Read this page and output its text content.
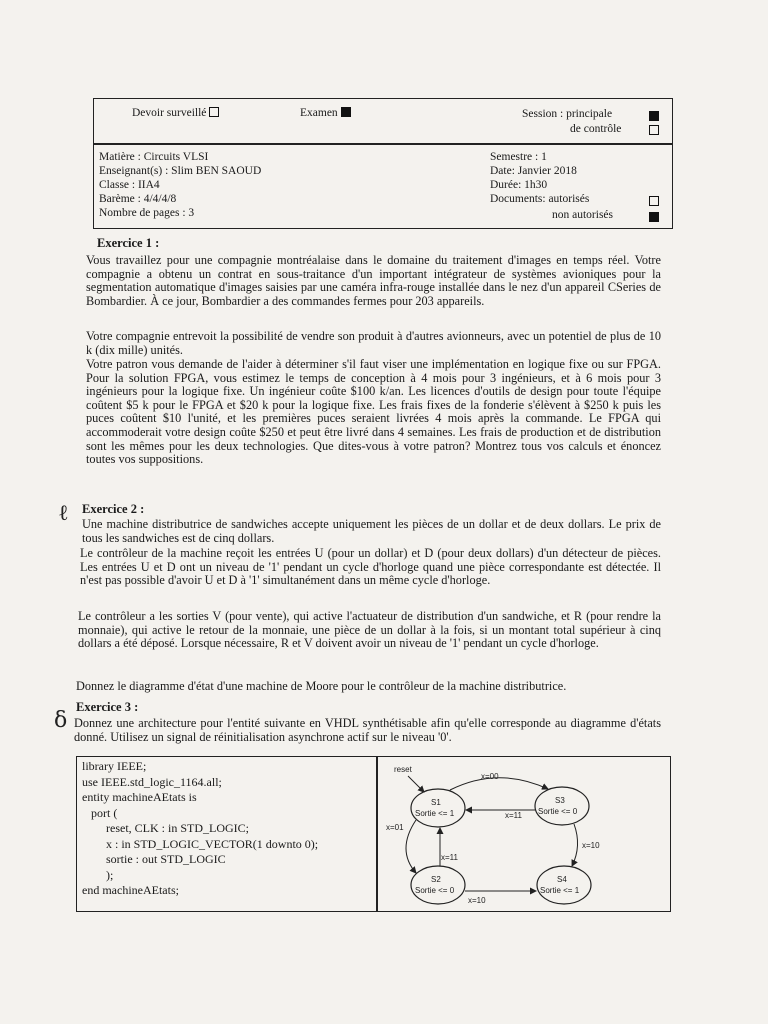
Devoir surveillé	Examen	Session : principale
de contrôle
Matière : Circuits VLSI
Enseignant(s) : Slim BEN SAOUD
Classe : IIA4
Barème : 4/4/4/8
Nombre de pages : 3
Semestre : 1
Date: Janvier 2018
Durée: 1h30
Documents: autorisés
non autorisés
Exercice 1 :
Vous travaillez pour une compagnie montréalaise dans le domaine du traitement d'images en temps réel. Votre compagnie a obtenu un contrat en sous-traitance d'un important intégrateur de systèmes avioniques pour la segmentation automatique d'images saisies par une caméra infra-rouge installée dans le nez d'un appareil CSeries de Bombardier. À ce jour, Bombardier a des commandes fermes pour 203 appareils.
Votre compagnie entrevoit la possibilité de vendre son produit à d'autres avionneurs, avec un potentiel de plus de 10 k (dix mille) unités.
Votre patron vous demande de l'aider à déterminer s'il faut viser une implémentation en logique fixe ou sur FPGA. Pour la solution FPGA, vous estimez le temps de conception à 4 mois pour 3 ingénieurs, et à 6 mois pour 3 ingénieurs pour la logique fixe. Un ingénieur coûte $100 k/an. Les licences d'outils de design pour toute l'équipe coûtent $5 k pour le FPGA et $20 k pour la logique fixe. Les frais fixes de la fonderie s'élèvent à $250 k puis les puces coûtent $10 l'unité, et les premières puces seraient livrées 4 mois après la commande. Le FPGA qui accommoderait votre design coûte $250 et peut être livré dans 4 semaines. Les frais de production et de distribution sont les mêmes pour les deux technologies. Que dites-vous à votre patron? Montrez tous vos calculs et énoncez toutes vos suppositions.
ℓ Exercice 2 :
Une machine distributrice de sandwiches accepte uniquement les pièces de un dollar et de deux dollars. Le prix de tous les sandwiches est de cinq dollars.
Le contrôleur de la machine reçoit les entrées U (pour un dollar) et D (pour deux dollars) d'un détecteur de pièces. Les entrées U et D ont un niveau de '1' pendant un cycle d'horloge quand une pièce correspondante est détectée. Il n'est pas possible d'avoir U et D à '1' simultanément dans un même cycle d'horloge.
Le contrôleur a les sorties V (pour vente), qui active l'actuateur de distribution d'un sandwiche, et R (pour rendre la monnaie), qui active le retour de la monnaie, une pièce de un dollar à la fois, si un montant total supérieur à cinq dollars a été déposé. Lorsque nécessaire, R et V doivent avoir un niveau de '1' pendant un cycle d'horloge.
Donnez le diagramme d'état d'une machine de Moore pour le contrôleur de la machine distributrice.
Exercice 3 :
δ Donnez une architecture pour l'entité suivante en VHDL synthétisable afin qu'elle corresponde au diagramme d'états donné. Utilisez un signal de réinitialisation asynchrone actif sur le niveau '0'.
library IEEE;
use IEEE.std_logic_1164.all;
entity machineAEtats is
port (
reset, CLK : in STD_LOGIC;
x : in STD_LOGIC_VECTOR(1 downto 0);
sortie : out STD_LOGIC
);
end machineAEtats;
reset
S1
Sortie <= 1
S3
Sortie <= 0
S2
Sortie <= 0
S4
Sortie <= 1
x=00
x=11
x=10
x=01
x=11
x=10
